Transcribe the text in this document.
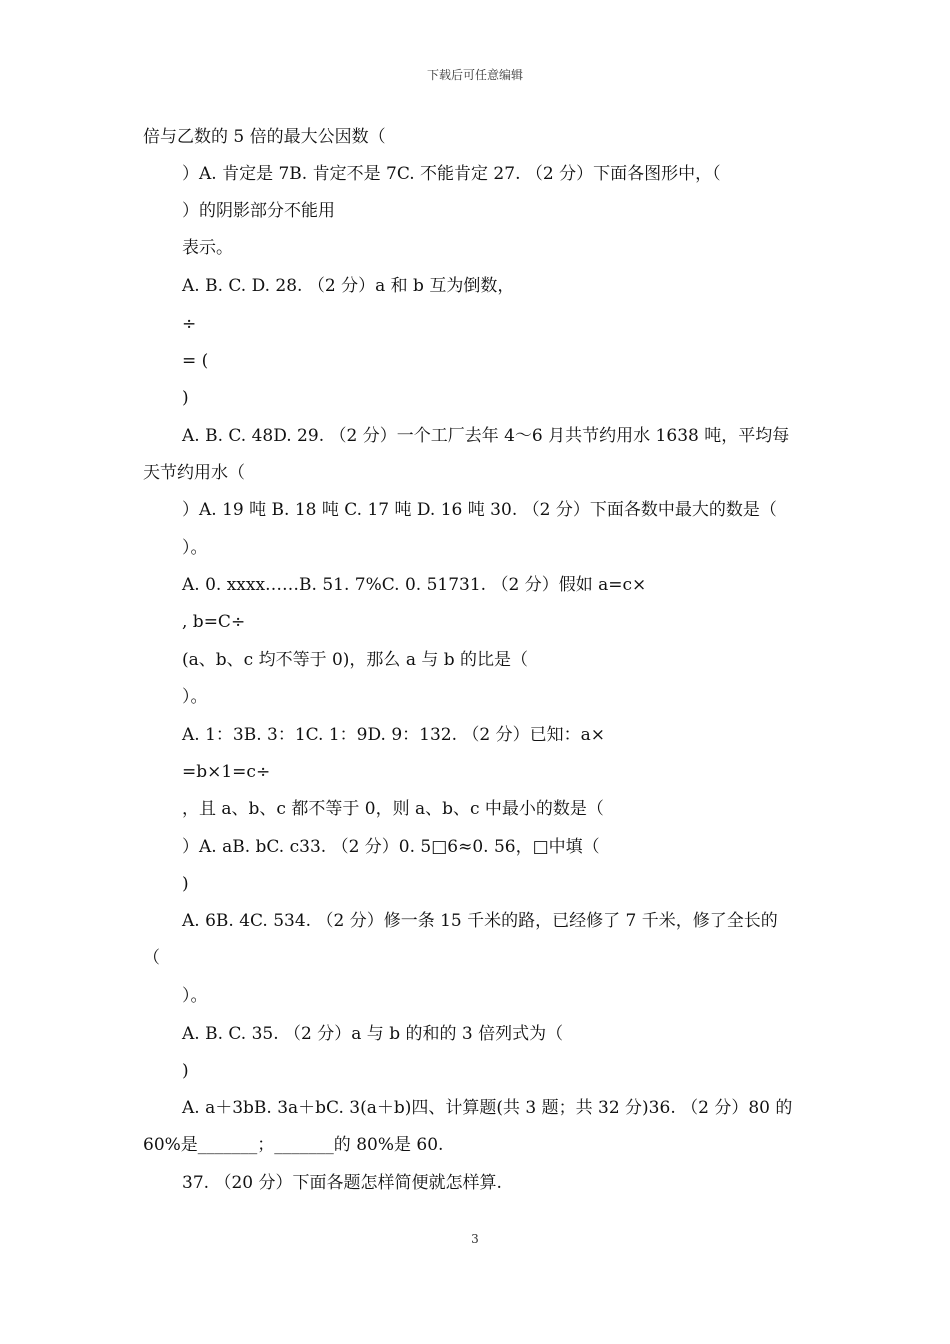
下载后可任意编辑
倍与乙数的 5 倍的最大公因数（
）A. 肯定是 7B. 肯定不是 7C. 不能肯定 27. （2 分）下面各图形中，（
）的阴影部分不能用
表示。
A. B. C. D. 28. （2 分）a 和 b 互为倒数，
÷
= (
)
A. B. C. 48D. 29. （2 分）一个工厂去年 4～6 月共节约用水 1638 吨，平均每
天节约用水（
）A. 19 吨 B. 18 吨 C. 17 吨 D. 16 吨 30. （2 分）下面各数中最大的数是（
）。
A. 0. xxxx……B. 51. 7%C. 0. 51731. （2 分）假如 a=c×
, b=C÷
(a、b、c 均不等于 0)，那么 a 与 b 的比是（
）。
A. 1：3B. 3：1C. 1：9D. 9：132. （2 分）已知：a×
=b×1=c÷
，且 a、b、c 都不等于 0，则 a、b、c 中最小的数是（
）A. aB. bC. c33. （2 分）0. 5□6≈0. 56，□中填（
)
A. 6B. 4C. 534. （2 分）修一条 15 千米的路，已经修了 7 千米，修了全长的
（
）。
A. B. C. 35. （2 分）a 与 b 的和的 3 倍列式为（
)
A. a＋3bB. 3a＋bC. 3(a＋b)四、计算题(共 3 题；共 32 分)36. （2 分）80 的
60%是_______；_______的 80%是 60.
37. （20 分）下面各题怎样简便就怎样算.
3
